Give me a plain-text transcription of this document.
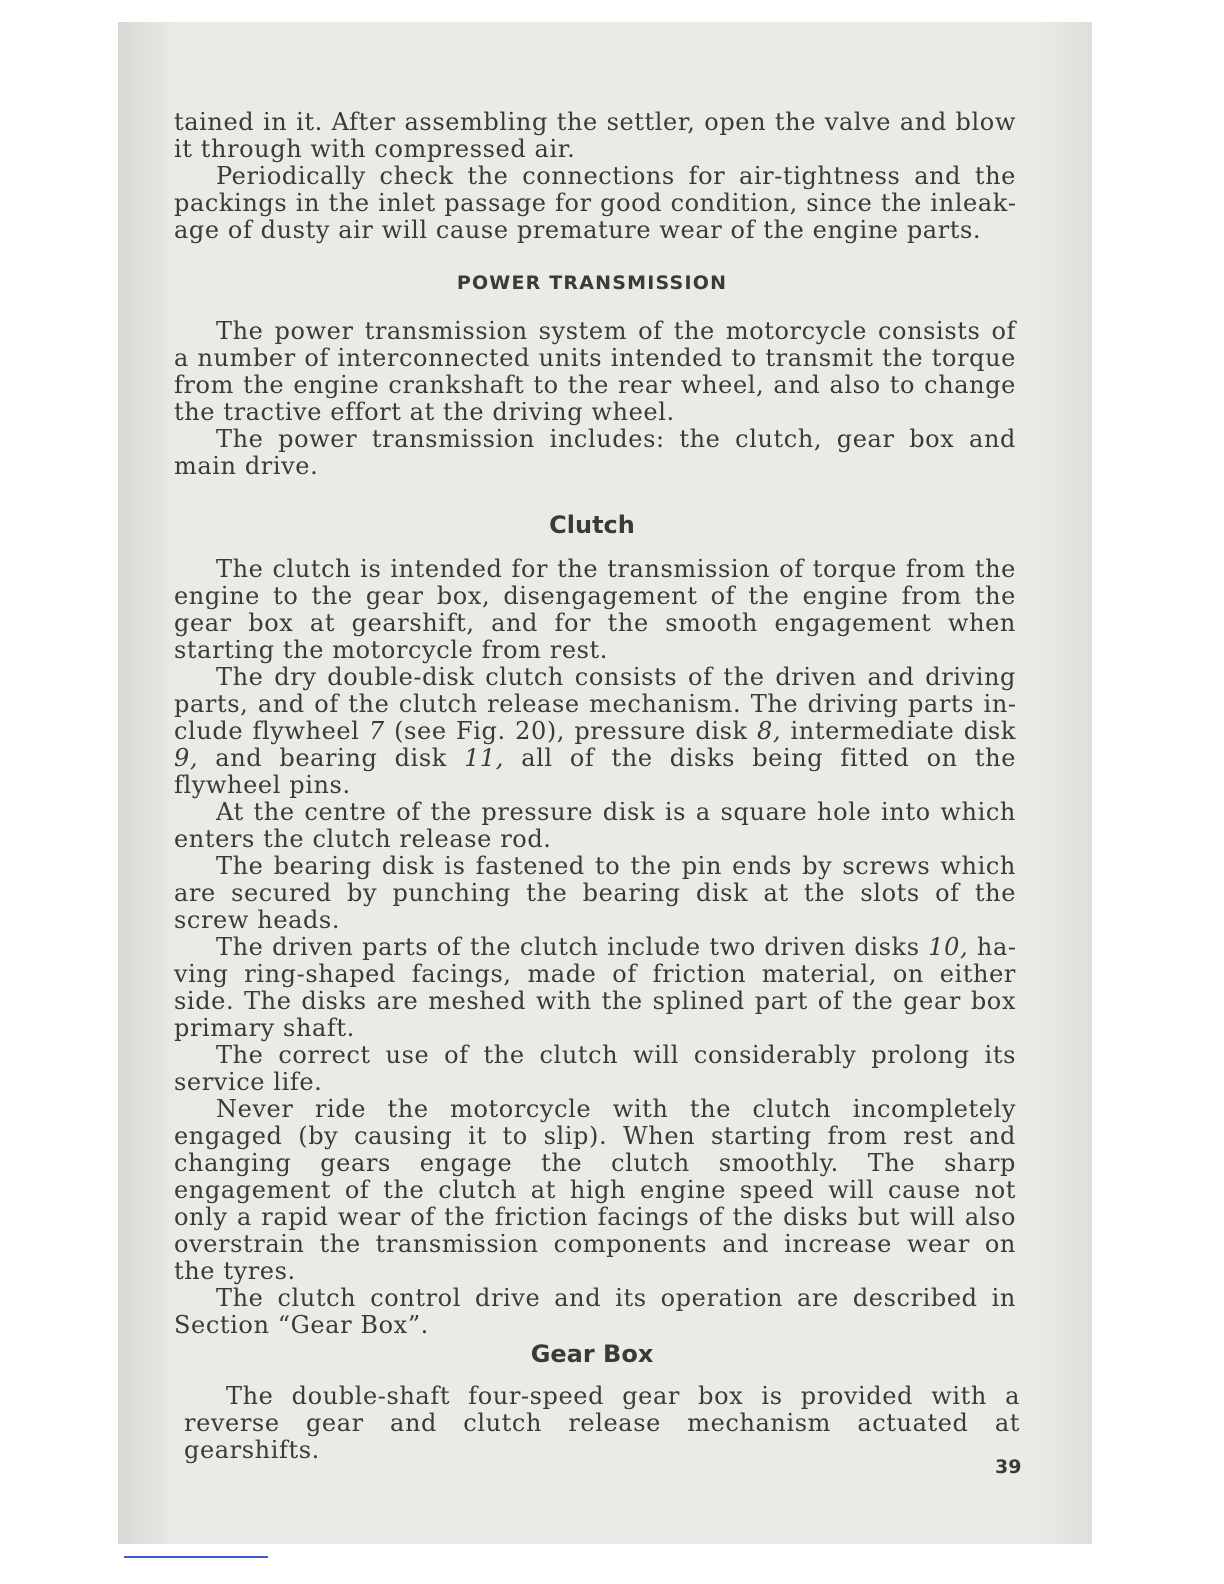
tained in it. After assembling the settler, open the valve and blow it through with compressed air.

Periodically check the connections for air-tightness and the packings in the inlet passage for good condition, since the inleakage of dusty air will cause premature wear of the engine parts.

POWER TRANSMISSION

The power transmission system of the motorcycle consists of a number of interconnected units intended to transmit the torque from the engine crankshaft to the rear wheel, and also to change the tractive effort at the driving wheel.

The power transmission includes: the clutch, gear box and main drive.

Clutch

The clutch is intended for the transmission of torque from the engine to the gear box, disengagement of the engine from the gear box at gearshift, and for the smooth engagement when starting the motorcycle from rest.

The dry double-disk clutch consists of the driven and driving parts, and of the clutch release mechanism. The driving parts include flywheel 7 (see Fig. 20), pressure disk 8, intermediate disk 9, and bearing disk 11, all of the disks being fitted on the flywheel pins.

At the centre of the pressure disk is a square hole into which enters the clutch release rod.

The bearing disk is fastened to the pin ends by screws which are secured by punching the bearing disk at the slots of the screw heads.

The driven parts of the clutch include two driven disks 10, having ring-shaped facings, made of friction material, on either side. The disks are meshed with the splined part of the gear box primary shaft.

The correct use of the clutch will considerably prolong its service life.

Never ride the motorcycle with the clutch incompletely engaged (by causing it to slip). When starting from rest and changing gears engage the clutch smoothly. The sharp engagement of the clutch at high engine speed will cause not only a rapid wear of the friction facings of the disks but will also overstrain the transmission components and increase wear on the tyres.

The clutch control drive and its operation are described in Section “Gear Box”.

Gear Box

The double-shaft four-speed gear box is provided with a reverse gear and clutch release mechanism actuated at gearshifts.

39
